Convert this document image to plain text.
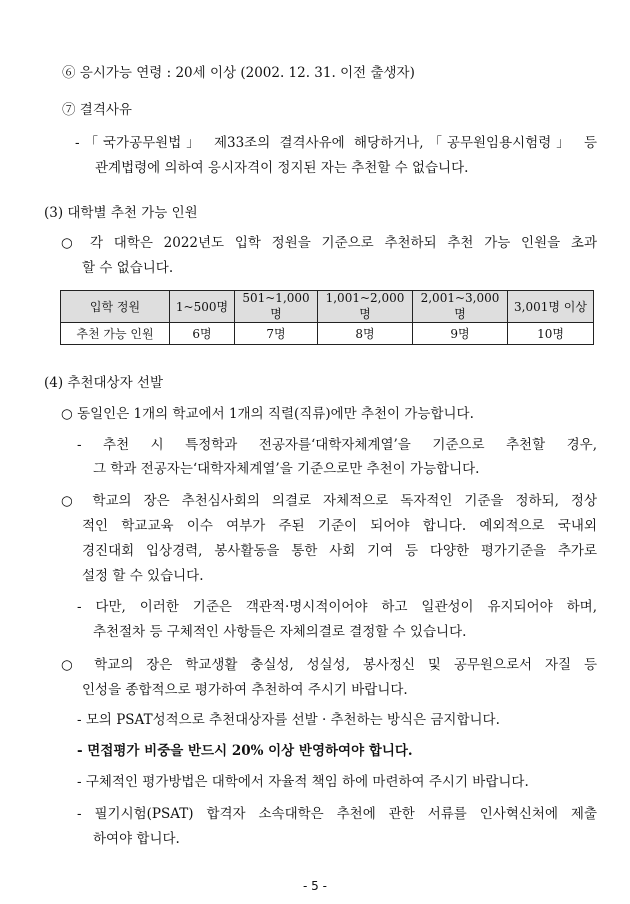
⑥ 응시가능 연령 : 20세 이상 (2002. 12. 31. 이전 출생자)
⑦ 결격사유
-「국가공무원법」 제33조의 결격사유에 해당하거나,「공무원임용시험령」 등
관계법령에 의하여 응시자격이 정지된 자는 추천할 수 없습니다.
(3) 대학별 추천 가능 인원
○ 각 대학은 2022년도 입학 정원을 기준으로 추천하되 추천 가능 인원을 초과
할 수 없습니다.
입학 정원	1~500명	501~1,000명	1,001~2,000명	2,001~3,000명	3,001명 이상
추천 가능 인원	6명	7명	8명	9명	10명
(4) 추천대상자 선발
○ 동일인은 1개의 학교에서 1개의 직렬(직류)에만 추천이 가능합니다.
- 추천 시 특정학과 전공자를‘대학자체계열’을 기준으로 추천할 경우,
그 학과 전공자는‘대학자체계열’을 기준으로만 추천이 가능합니다.
○ 학교의 장은 추천심사회의 의결로 자체적으로 독자적인 기준을 정하되, 정상
적인 학교교육 이수 여부가 주된 기준이 되어야 합니다. 예외적으로 국내외
경진대회 입상경력, 봉사활동을 통한 사회 기여 등 다양한 평가기준을 추가로
설정 할 수 있습니다.
- 다만, 이러한 기준은 객관적·명시적이어야 하고 일관성이 유지되어야 하며,
추천절차 등 구체적인 사항들은 자체의결로 결정할 수 있습니다.
○ 학교의 장은 학교생활 충실성, 성실성, 봉사정신 및 공무원으로서 자질 등
인성을 종합적으로 평가하여 추천하여 주시기 바랍니다.
- 모의 PSAT성적으로 추천대상자를 선발 · 추천하는 방식은 금지합니다.
- 면접평가 비중을 반드시 20% 이상 반영하여야 합니다.
- 구체적인 평가방법은 대학에서 자율적 책임 하에 마련하여 주시기 바랍니다.
- 필기시험(PSAT) 합격자 소속대학은 추천에 관한 서류를 인사혁신처에 제출
하여야 합니다.
- 5 -
